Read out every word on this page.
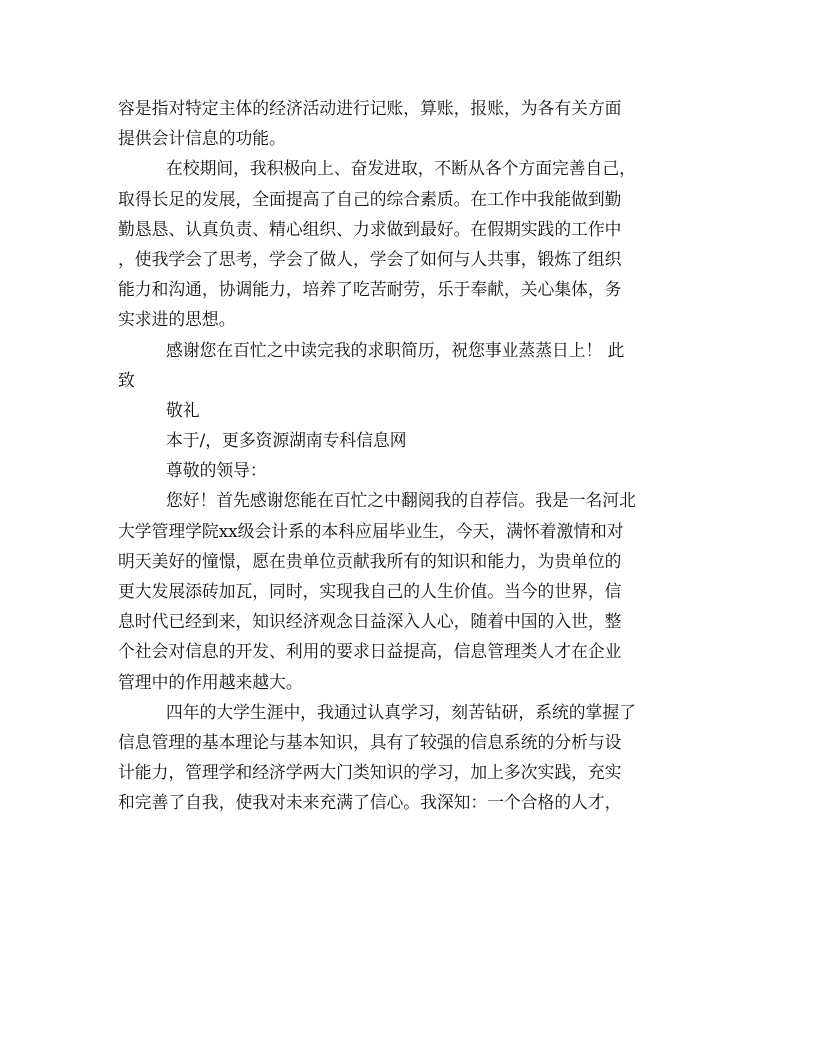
容是指对特定主体的经济活动进行记账，算账，报账，为各有关方面
提供会计信息的功能。
在校期间，我积极向上、奋发进取，不断从各个方面完善自己，
取得长足的发展，全面提高了自己的综合素质。在工作中我能做到勤
勤恳恳、认真负责、精心组织、力求做到最好。在假期实践的工作中
，使我学会了思考，学会了做人，学会了如何与人共事，锻炼了组织
能力和沟通，协调能力，培养了吃苦耐劳，乐于奉献，关心集体，务
实求进的思想。
感谢您在百忙之中读完我的求职简历，祝您事业蒸蒸日上！ 此
致
敬礼
本于/，更多资源湖南专科信息网
尊敬的领导：
您好！首先感谢您能在百忙之中翻阅我的自荐信。我是一名河北
大学管理学院xx级会计系的本科应届毕业生，今天，满怀着激情和对
明天美好的憧憬，愿在贵单位贡献我所有的知识和能力，为贵单位的
更大发展添砖加瓦，同时，实现我自己的人生价值。当今的世界，信
息时代已经到来，知识经济观念日益深入人心，随着中国的入世，整
个社会对信息的开发、利用的要求日益提高，信息管理类人才在企业
管理中的作用越来越大。
四年的大学生涯中，我通过认真学习，刻苦钻研，系统的掌握了
信息管理的基本理论与基本知识，具有了较强的信息系统的分析与设
计能力，管理学和经济学两大门类知识的学习，加上多次实践，充实
和完善了自我，使我对未来充满了信心。我深知：一个合格的人才，
